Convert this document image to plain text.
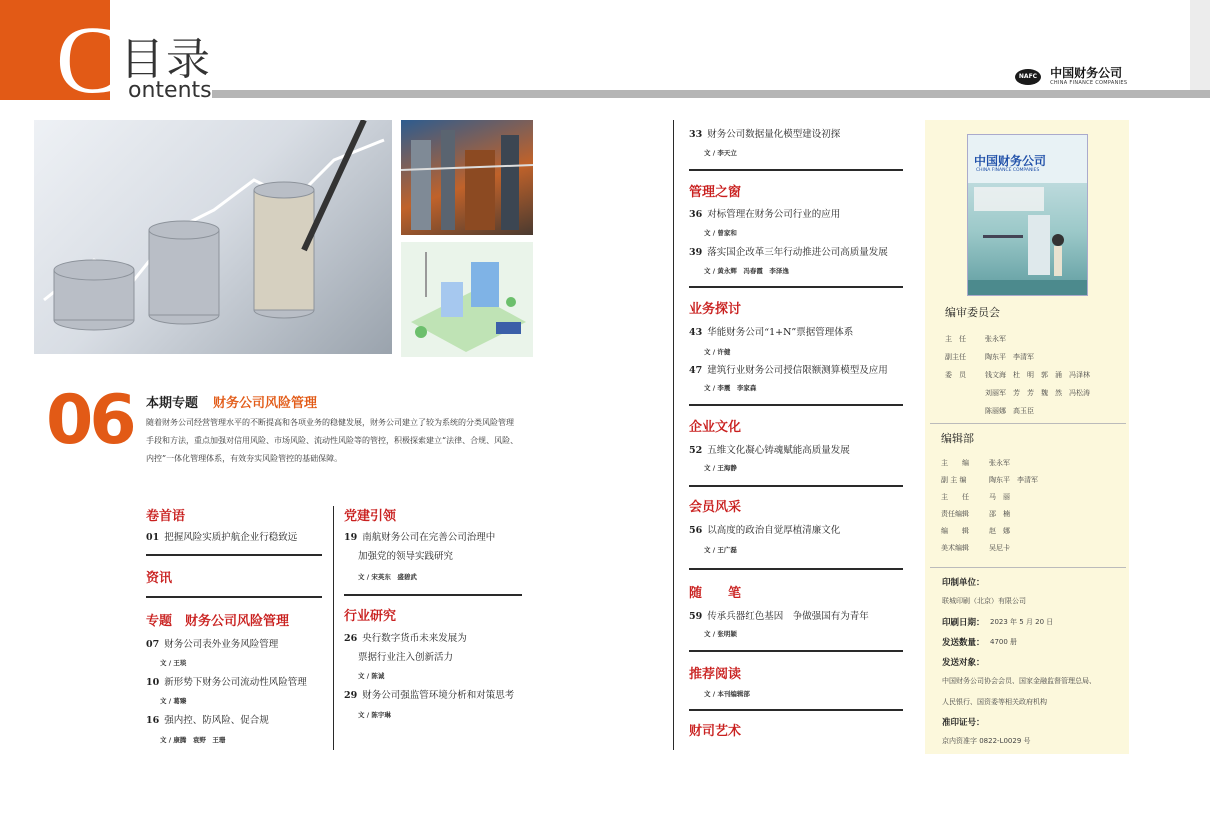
C 目录
ontents
NAFC 中国财务公司
CHINA FINANCE COMPANIES
06 本期专题 财务公司风险管理
随着财务公司经营管理水平的不断提高和各项业务的稳健发展，财务公司建立了较为系统的分类风险管理
手段和方法，重点加强对信用风险、市场风险、流动性风险等的管控，积极探索建立“法律、合规、风险、
内控”一体化管理体系，有效夯实风险管控的基础保障。
卷首语
01 把握风险实质护航企业行稳致远
资讯
专题　财务公司风险管理
07 财务公司表外业务风险管理
文 / 王琰
10 新形势下财务公司流动性风险管理
文 / 葛臻
16 强内控、防风险、促合规
文 / 康腾　袁野　王珊
党建引领
19 南航财务公司在完善公司治理中
加强党的领导实践研究
文 / 宋英东　盛碧武
行业研究
26 央行数字货币未来发展为
票据行业注入创新活力
文 / 陈诚
29 财务公司强监管环境分析和对策思考
文 / 陈宇琳
33 财务公司数据量化模型建设初探
文 / 李天立
管理之窗
36 对标管理在财务公司行业的应用
文 / 曾家和
39 落实国企改革三年行动推进公司高质量发展
文 / 黄永辉　冯春霞　李泽逸
业务探讨
43 华能财务公司“1+N”票据管理体系
文 / 许健
47 建筑行业财务公司授信限额测算模型及应用
文 / 李震　李家森
企业文化
52 五维文化凝心铸魂赋能高质量发展
文 / 王海静
会员风采
56 以高度的政治自觉厚植清廉文化
文 / 王广磊
随　　笔
59 传承兵器红色基因　争做强国有为青年
文 / 张明颖
推荐阅读
文 / 本刊编辑部
财司艺术
中国财务公司
CHINA FINANCE COMPANIES
编审委员会
主　任	张永军
副主任	陶东平　李清军
委　员	钱文海　杜　明　郭　涌　冯泽林
刘丽军　芳　芳　魏　然　冯松涛
陈丽娜　高玉臣
编辑部
主　　编	张永军
副 主 编	陶东平　李清军
主　　任	马　丽
责任编辑	邵　楠
编　　辑	赵　娜
美术编辑	吴尼卡
印制单位：
联城印刷（北京）有限公司
印刷日期： 2023 年 5 月 20 日
发送数量： 4700 册
发送对象：
中国财务公司协会会员、国家金融监督管理总局、
人民银行、国资委等相关政府机构
准印证号：
京内资准字 0822-L0029 号
